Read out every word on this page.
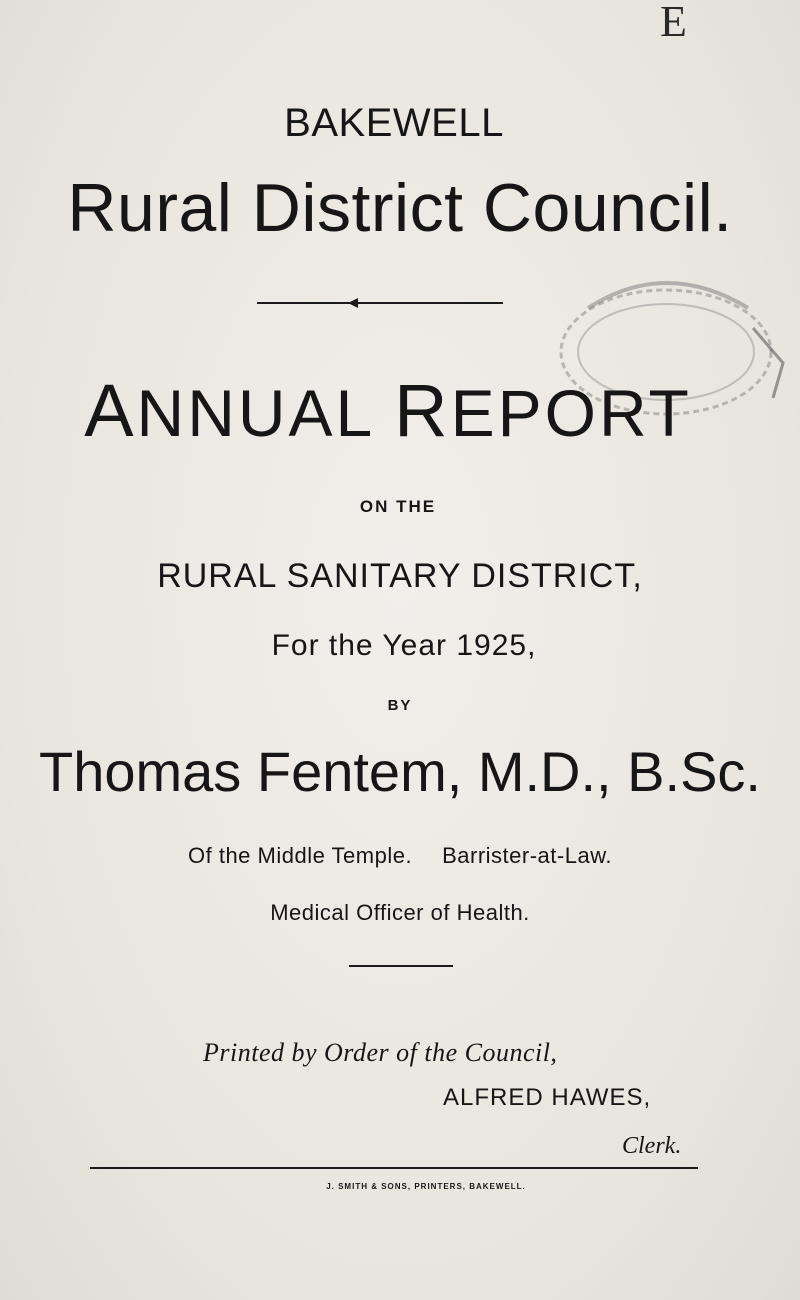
E
BAKEWELL
Rural District Council.
ANNUAL REPORT
ON THE
RURAL SANITARY DISTRICT,
For the Year 1925,
BY
Thomas Fentem, M.D., B.Sc.
Of the Middle Temple. Barrister-at-Law.
Medical Officer of Health.
Printed by Order of the Council,
ALFRED HAWES,
Clerk.
J. SMITH & SONS, PRINTERS, BAKEWELL.
